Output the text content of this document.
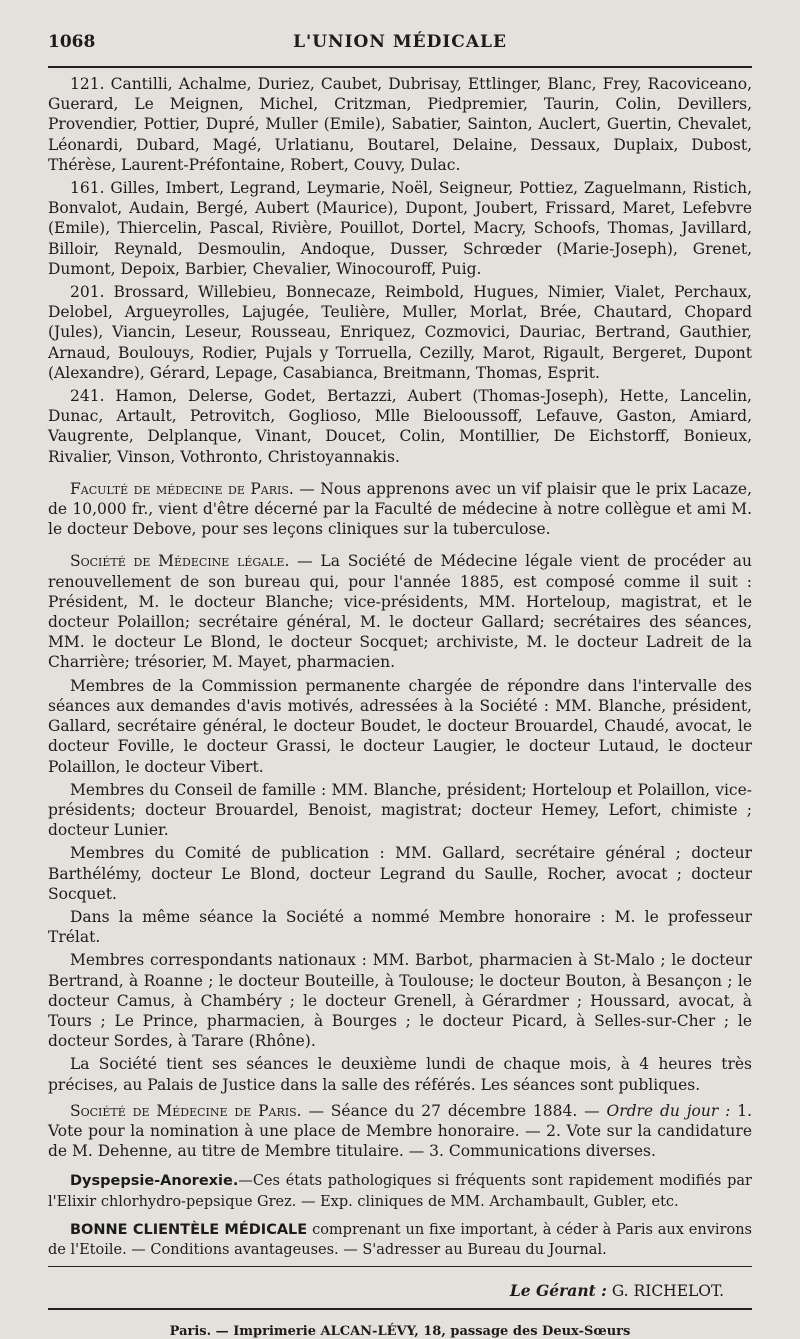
1068	L'UNION MÉDICALE

121. Cantilli, Achalme, Duriez, Caubet, Dubrisay, Ettlinger, Blanc, Frey, Racoviceano, Guerard, Le Meignen, Michel, Critzman, Piedpremier, Taurin, Colin, Devillers, Provendier, Pottier, Dupré, Muller (Emile), Sabatier, Sainton, Auclert, Guertin, Chevalet, Léonardi, Dubard, Magé, Urlatianu, Boutarel, Delaine, Dessaux, Duplaix, Dubost, Thérèse, Laurent-Préfontaine, Robert, Couvy, Dulac.

161. Gilles, Imbert, Legrand, Leymarie, Noël, Seigneur, Pottiez, Zaguelmann, Ristich, Bonvalot, Audain, Bergé, Aubert (Maurice), Dupont, Joubert, Frissard, Maret, Lefebvre (Emile), Thiercelin, Pascal, Rivière, Pouillot, Dortel, Macry, Schoofs, Thomas, Javillard, Billoir, Reynald, Desmoulin, Andoque, Dusser, Schrœder (Marie-Joseph), Grenet, Dumont, Depoix, Barbier, Chevalier, Winocouroff, Puig.

201. Brossard, Willebieu, Bonnecaze, Reimbold, Hugues, Nimier, Vialet, Perchaux, Delobel, Argueyrolles, Lajugée, Teulière, Muller, Morlat, Brée, Chautard, Chopard (Jules), Viancin, Leseur, Rousseau, Enriquez, Cozmovici, Dauriac, Bertrand, Gauthier, Arnaud, Boulouys, Rodier, Pujals y Torruella, Cezilly, Marot, Rigault, Bergeret, Dupont (Alexandre), Gérard, Lepage, Casabianca, Breitmann, Thomas, Esprit.

241. Hamon, Delerse, Godet, Bertazzi, Aubert (Thomas-Joseph), Hette, Lancelin, Dunac, Artault, Petrovitch, Goglioso, Mlle Bieloοussoff, Lefauve, Gaston, Amiard, Vaugrente, Delplanque, Vinant, Doucet, Colin, Montillier, De Eichstorff, Bonieux, Rivalier, Vinson, Vothronto, Christoyannakis.

Faculté de médecine de Paris. — Nous apprenons avec un vif plaisir que le prix Lacaze, de 10,000 fr., vient d'être décerné par la Faculté de médecine à notre collègue et ami M. le docteur Debove, pour ses leçons cliniques sur la tuberculose.

Société de Médecine légale. — La Société de Médecine légale vient de procéder au renouvellement de son bureau qui, pour l'année 1885, est composé comme il suit : Président, M. le docteur Blanche; vice-présidents, MM. Horteloup, magistrat, et le docteur Polaillon; secrétaire général, M. le docteur Gallard; secrétaires des séances, MM. le docteur Le Blond, le docteur Socquet; archiviste, M. le docteur Ladreit de la Charrière; trésorier, M. Mayet, pharmacien.

Membres de la Commission permanente chargée de répondre dans l'intervalle des séances aux demandes d'avis motivés, adressées à la Société : MM. Blanche, président, Gallard, secrétaire général, le docteur Boudet, le docteur Brouardel, Chaudé, avocat, le docteur Foville, le docteur Grassi, le docteur Laugier, le docteur Lutaud, le docteur Polaillon, le docteur Vibert.

Membres du Conseil de famille : MM. Blanche, président; Horteloup et Polaillon, vice-présidents; docteur Brouardel, Benoist, magistrat; docteur Hemey, Lefort, chimiste ; docteur Lunier.

Membres du Comité de publication : MM. Gallard, secrétaire général ; docteur Barthélémy, docteur Le Blond, docteur Legrand du Saulle, Rocher, avocat ; docteur Socquet.

Dans la même séance la Société a nommé Membre honoraire : M. le professeur Trélat.

Membres correspondants nationaux : MM. Barbot, pharmacien à St-Malo ; le docteur Bertrand, à Roanne ; le docteur Bouteille, à Toulouse; le docteur Bouton, à Besançon ; le docteur Camus, à Chambéry ; le docteur Grenell, à Gérardmer ; Houssard, avocat, à Tours ; Le Prince, pharmacien, à Bourges ; le docteur Picard, à Selles-sur-Cher ; le docteur Sordes, à Tarare (Rhône).

La Société tient ses séances le deuxième lundi de chaque mois, à 4 heures très précises, au Palais de Justice dans la salle des référés. Les séances sont publiques.

Société de Médecine de Paris. — Séance du 27 décembre 1884. — Ordre du jour : 1. Vote pour la nomination à une place de Membre honoraire. — 2. Vote sur la candidature de M. Dehenne, au titre de Membre titulaire. — 3. Communications diverses.

Dyspepsie-Anorexie.—Ces états pathologiques si fréquents sont rapidement modifiés par l'Elixir chlorhydro-pepsique Grez. — Exp. cliniques de MM. Archambault, Gubler, etc.

BONNE CLIENTÈLE MÉDICALE comprenant un fixe important, à céder à Paris aux environs de l'Etoile. — Conditions avantageuses. — S'adresser au Bureau du Journal.

Le Gérant : G. RICHELOT.
Paris. — Imprimerie ALCAN-LÉVY, 18, passage des Deux-Sœurs
